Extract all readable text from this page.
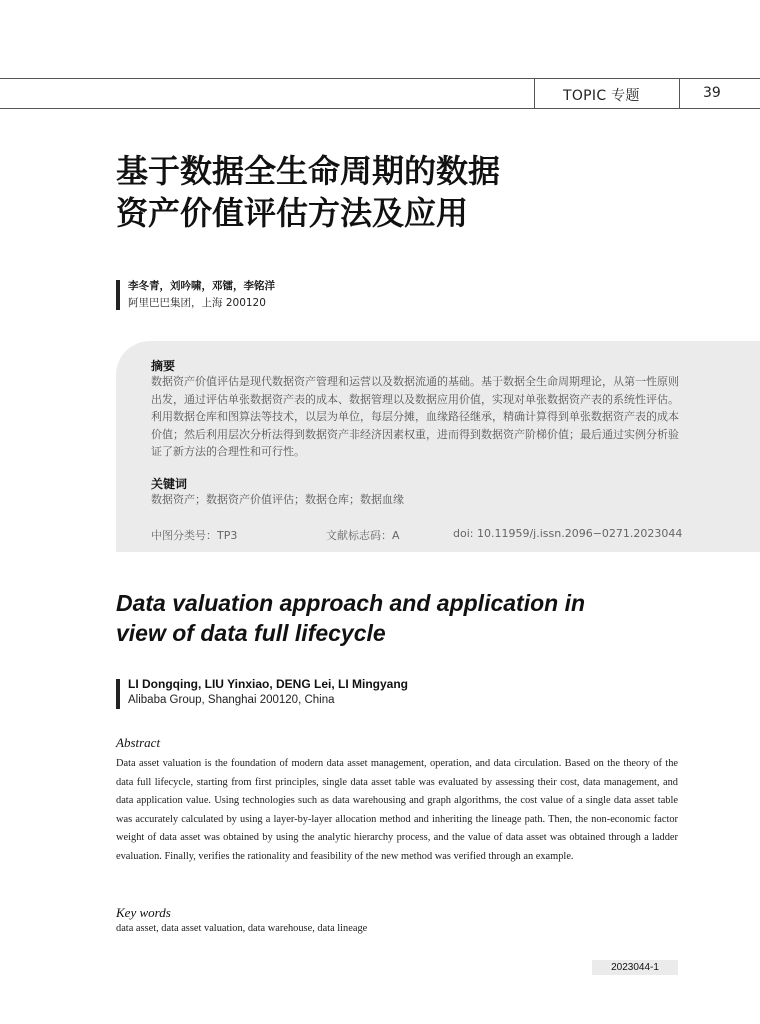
TOPIC 专题	39
基于数据全生命周期的数据
资产价值评估方法及应用
李冬青，刘吟啸，邓镭，李铭洋
阿里巴巴集团，上海 200120
摘要
数据资产价值评估是现代数据资产管理和运营以及数据流通的基础。基于数据全生命周期理论，从第一性原则出发，通过评估单张数据资产表的成本、数据管理以及数据应用价值，实现对单张数据资产表的系统性评估。利用数据仓库和图算法等技术，以层为单位，每层分摊，血缘路径继承，精确计算得到单张数据资产表的成本价值；然后利用层次分析法得到数据资产非经济因素权重，进而得到数据资产阶梯价值；最后通过实例分析验证了新方法的合理性和可行性。
关键词
数据资产；数据资产价值评估；数据仓库；数据血缘
中图分类号：TP3	文献标志码：A	doi: 10.11959/j.issn.2096−0271.2023044
Data valuation approach and application in
view of data full lifecycle
LI Dongqing, LIU Yinxiao, DENG Lei, LI Mingyang
Alibaba Group, Shanghai 200120, China
Abstract
Data asset valuation is the foundation of modern data asset management, operation, and data circulation. Based on the theory of the data full lifecycle, starting from first principles, single data asset table was evaluated by assessing their cost, data management, and data application value. Using technologies such as data warehousing and graph algorithms, the cost value of a single data asset table was accurately calculated by using a layer-by-layer allocation method and inheriting the lineage path. Then, the non-economic factor weight of data asset was obtained by using the analytic hierarchy process, and the value of data asset was obtained through a ladder evaluation. Finally, verifies the rationality and feasibility of the new method was verified through an example.
Key words
data asset, data asset valuation, data warehouse, data lineage
2023044-1
